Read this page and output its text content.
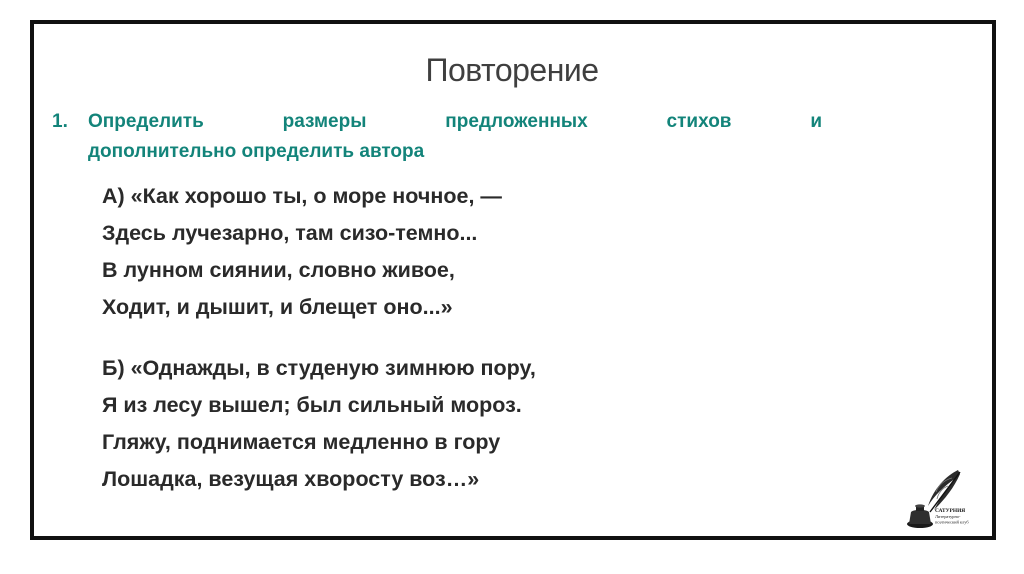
Повторение
1. Определить	размеры	предложенных	стихов	и
дополнительно определить автора
А) «Как хорошо ты, о море ночное, —
Здесь лучезарно, там сизо-темно...
В лунном сиянии, словно живое,
Ходит, и дышит, и блещет оно...»
Б) «Однажды, в студеную зимнюю пору,
Я из лесу вышел; был сильный мороз.
Гляжу, поднимается медленно в гору
Лошадка, везущая хворосту воз…»
САТУРНИЯ
Литературно-
поэтический клуб
